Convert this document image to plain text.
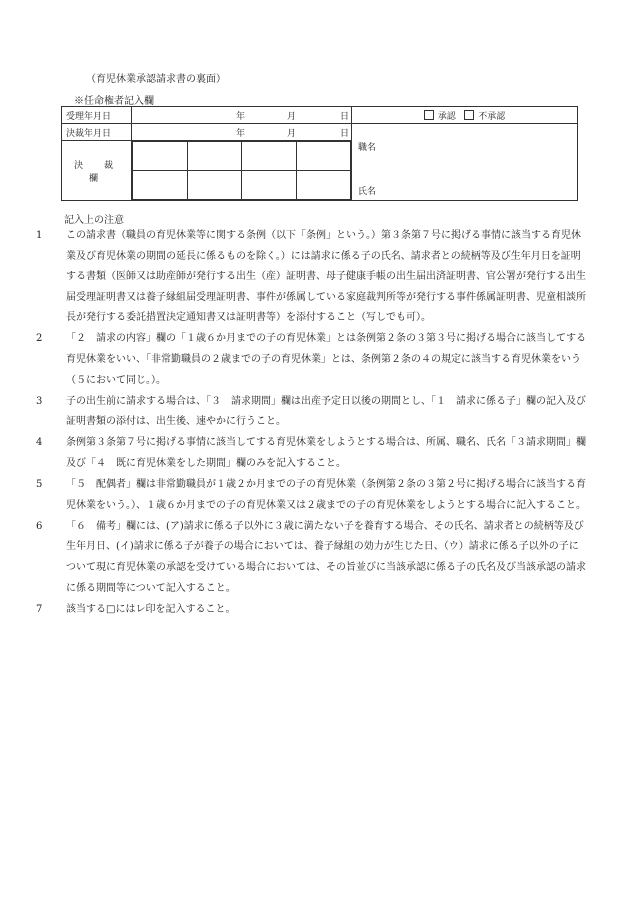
（育児休業承認請求書の裏面）
※任命権者記入欄
受理年月日	年	月	日	承認	不承認
決裁年月日	年	月	日

職名
氏名

決　裁　欄	

記入上の注意
1	この請求書（職員の育児休業等に関する条例（以下「条例」という。）第３条第７号に掲げる事情に該当する育児休業及び育児休業の期間の延長に係るものを除く。）には請求に係る子の氏名、請求者との続柄等及び生年月日を証明する書類（医師又は助産師が発行する出生（産）証明書、母子健康手帳の出生届出済証明書、官公署が発行する出生届受理証明書又は養子縁組届受理証明書、事件が係属している家庭裁判所等が発行する事件係属証明書、児童相談所長が発行する委託措置決定通知書又は証明書等）を添付すること（写しでも可）。
2	「２　請求の内容」欄の「１歳６か月までの子の育児休業」とは条例第２条の３第３号に掲げる場合に該当してする育児休業をいい、「非常勤職員の２歳までの子の育児休業」とは、条例第２条の４の規定に該当する育児休業をいう（５において同じ。）。
3	子の出生前に請求する場合は、「３　請求期間」欄は出産予定日以後の期間とし、「１　請求に係る子」欄の記入及び証明書類の添付は、出生後、速やかに行うこと。
4	条例第３条第７号に掲げる事情に該当してする育児休業をしようとする場合は、所属、職名、氏名「３請求期間」欄及び「４　既に育児休業をした期間」欄のみを記入すること。
5	「５　配偶者」欄は非常勤職員が１歳２か月までの子の育児休業（条例第２条の３第２号に掲げる場合に該当する育児休業をいう。）、１歳６か月までの子の育児休業又は２歳までの子の育児休業をしようとする場合に記入すること。
6	「６　備考」欄には、(ア)請求に係る子以外に３歳に満たない子を養育する場合、その氏名、請求者との続柄等及び生年月日、(イ)請求に係る子が養子の場合においては、養子縁組の効力が生じた日、（ウ）請求に係る子以外の子について現に育児休業の承認を受けている場合においては、その旨並びに当該承認に係る子の氏名及び当該承認の請求に係る期間等について記入すること。
7	該当する□にはレ印を記入すること。
